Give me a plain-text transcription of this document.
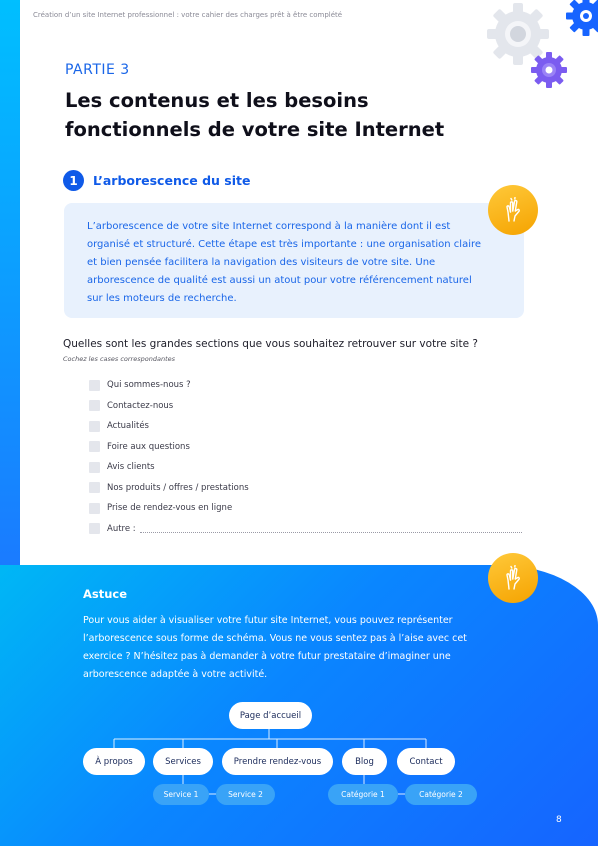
Création d’un site Internet professionnel : votre cahier des charges prêt à être complété
PARTIE 3
Les contenus et les besoins fonctionnels de votre site Internet
1	L’arborescence du site

L’arborescence de votre site Internet correspond à la manière dont il est organisé et structuré. Cette étape est très importante : une organisation claire et bien pensée facilitera la navigation des visiteurs de votre site. Une arborescence de qualité est aussi un atout pour votre référencement naturel sur les moteurs de recherche.

Quelles sont les grandes sections que vous souhaitez retrouver sur votre site ?
Cochez les cases correspondantes
Qui sommes-nous ?
Contactez-nous
Actualités
Foire aux questions
Avis clients
Nos produits / offres / prestations
Prise de rendez-vous en ligne
Autre :
Astuce

Pour vous aider à visualiser votre futur site Internet, vous pouvez représenter l’arborescence sous forme de schéma. Vous ne vous sentez pas à l’aise avec cet exercice ? N’hésitez pas à demander à votre futur prestataire d’imaginer une arborescence adaptée à votre activité.

Page d’accueil
À propos	Services	Prendre rendez-vous	Blog	Contact
Service 1	Service 2	Catégorie 1	Catégorie 2
8
